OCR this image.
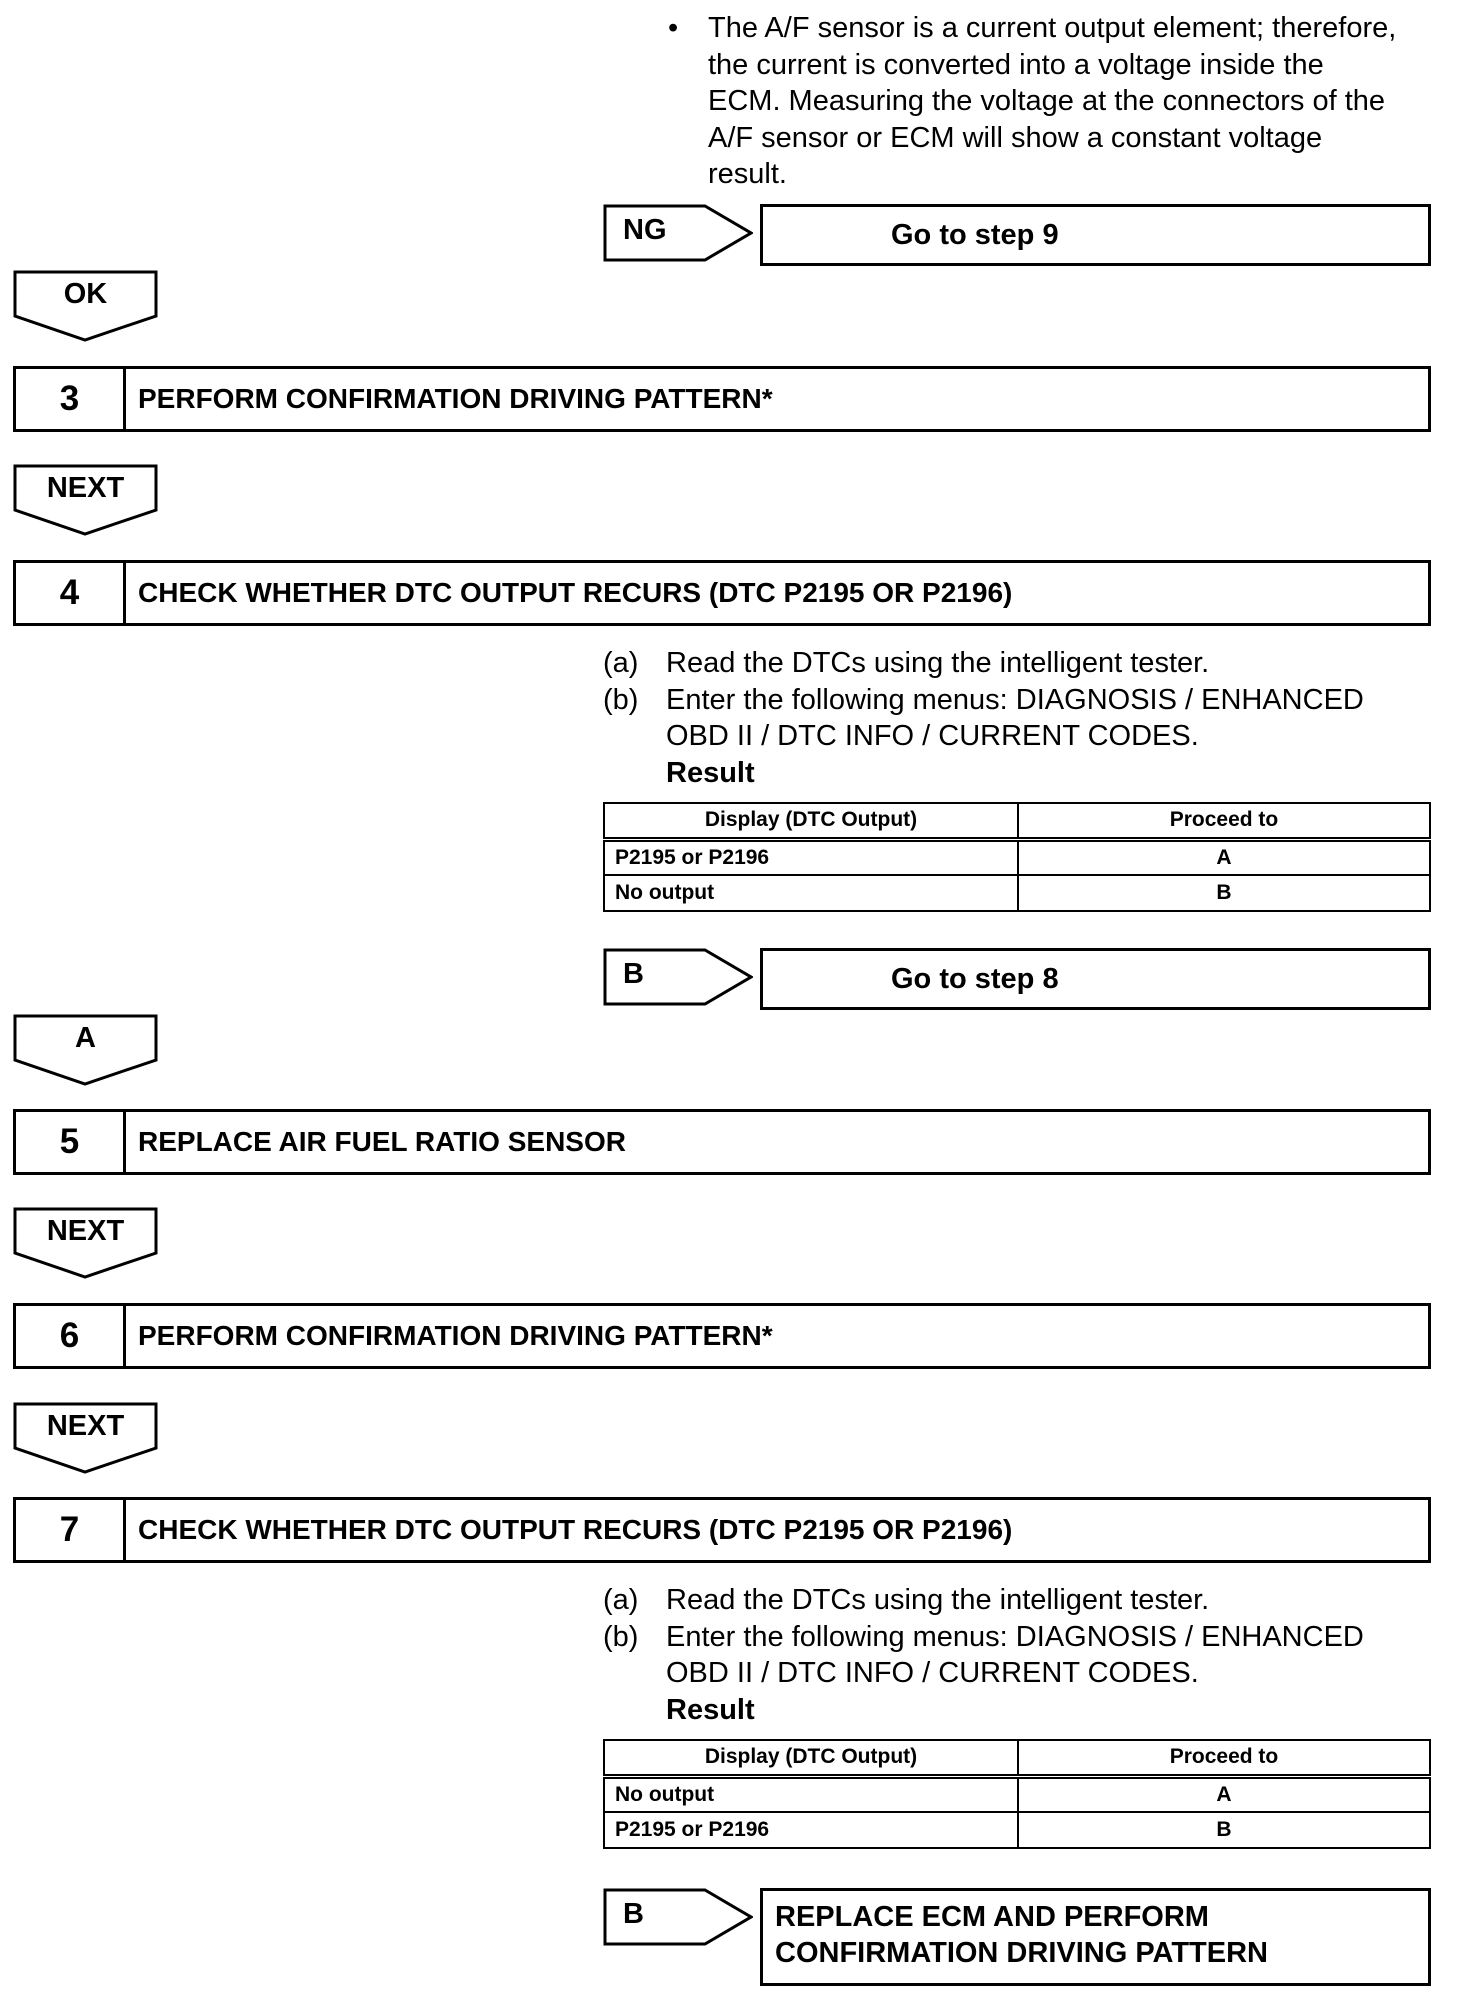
• The A/F sensor is a current output element; therefore,
the current is converted into a voltage inside the
ECM. Measuring the voltage at the connectors of the
A/F sensor or ECM will show a constant voltage
result.
NG	Go to step 9
OK
3	PERFORM CONFIRMATION DRIVING PATTERN*
NEXT
4	CHECK WHETHER DTC OUTPUT RECURS (DTC P2195 OR P2196)
(a) Read the DTCs using the intelligent tester.
(b) Enter the following menus: DIAGNOSIS / ENHANCED
OBD II / DTC INFO / CURRENT CODES.
Result
Display (DTC Output)	Proceed to
P2195 or P2196	A
No output	B
B	Go to step 8
A
5	REPLACE AIR FUEL RATIO SENSOR
NEXT
6	PERFORM CONFIRMATION DRIVING PATTERN*
NEXT
7	CHECK WHETHER DTC OUTPUT RECURS (DTC P2195 OR P2196)
(a) Read the DTCs using the intelligent tester.
(b) Enter the following menus: DIAGNOSIS / ENHANCED
OBD II / DTC INFO / CURRENT CODES.
Result
Display (DTC Output)	Proceed to
No output	A
P2195 or P2196	B
B	REPLACE ECM AND PERFORM
CONFIRMATION DRIVING PATTERN
